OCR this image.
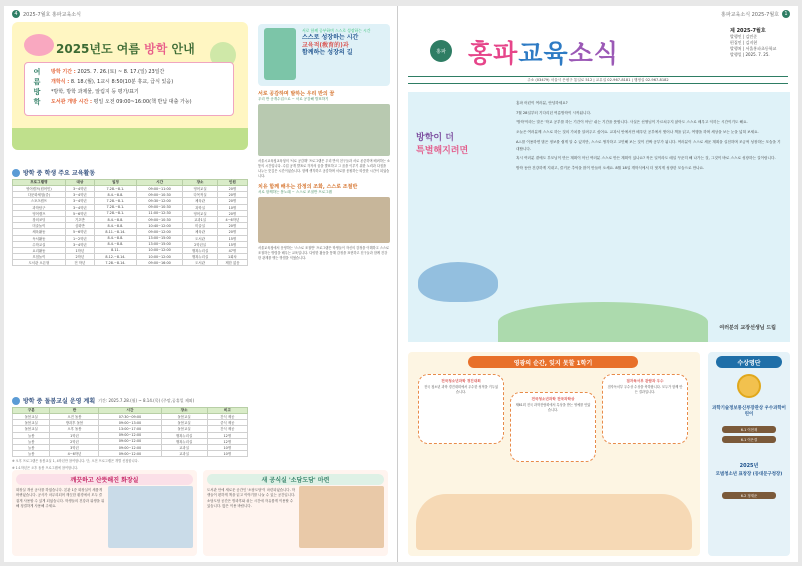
4	2025-7월호 홍파교육소식
2025년도 여름 방학 안내
여
름
방
학
방학 기간 : 2025. 7. 26.(토) ~ 8. 17.(일) 23일간
개학식 : 8. 18.(월), 1교시 8:50(10분 휴교, 급식 있음)
*방학, 방학 과제물, 알림지 등 평가/표기
도서관 개방 시간 : 평일 오전 09:00~16:00(책 반납 대출 가능)
방학 중 학생 주요 교육활동
프로그램명	대상	일정	시간	장소	인원
영어캠프(원어민)	3~4학년	7.28.~8.1.	09:00~11:00	영어교실	20명
다문화체험(중)	3~4학년	8.4.~8.8.	09:00~10:30	다목적실	20명
스포츠캠프	3~4학년	7.28.~8.1.	09:30~12:00	체육관	20명
과학탐구	3~4학년	7.28.~8.1.	09:00~10:30	과학실	10명
영어캠프	5~6학년	7.28.~8.1.	11:00~12:30	영어교실	20명
창의코딩	기초반	8.4.~8.8.	09:00~10:30	교과1실	4~6학년
미술놀이	심화반	8.4.~8.8.	10:40~12:00	미술실	20명
체육활동	5~6학년	8.11.~8.14.	09:00~12:00	체육관	20명
독서활동	1~2학년	8.4.~8.8.	13:00~15:00	도서관	15명
수학교실	3~4학년	8.4.~8.8.	13:00~15:00	2학년실	15명
요리활동	1학년	8.11.	10:00~12:00	행복누리실	47명
모험놀이	2학년	8.12.~8.14.	10:00~12:00	행복누리실	1회차
도서관 오픈형	전 학년	7.28.~8.14.	09:00~16:00	도서관	제한 없음
방학 중 돌봄교실 운영 계획 기간: 2025.7.28.(월) ~ 8.14.(목) (주말,공휴일 제외)
구분	반	시간	장소	비고
돌봄교실	오전 돌봄	07:30~09:00	돌봄교실	간식 제공
돌봄교실	방과후 돌봄	09:00~13:00	돌봄교실	중식 제공
돌봄교실	오후 돌봄	13:00~17:00	돌봄교실	간식 제공
늘봄	1학년	09:00~12:00	행복누리실	12명
늘봄	2학년	09:00~12:00	행복누리실	12명
늘봄	3학년	09:00~12:00	교과실	10명
늘봄	4~6학년	09:00~12:00	교과실	10명
※ 오후 프로그램은 돌봄교실 1, 4학년만 참여합니다. 단, 오전 프로그램은 개별 신청합니다.
※ 1:1학년은 오후 돌봄 프로그램에 참여합니다.
깨끗하고 산뜻해진 화장실
화장실 개선 공사를 하였습니다. 본관 1층 화장실이 새롭게 바뀌었습니다. 공사가 마무리되어 깨끗한 환경에서 모두 즐겁게 사용할 수 있게 되었습니다. 학생들의 건강과 위생을 위해 청결하게 사용해 주세요.
새 공식실 '소담도담' 마련
도서관 안에 새로운 공간인 '소담도담'이 마련되었습니다. 학생들이 편하게 책을 읽고 이야기를 나눌 수 있는 공간입니다. 소담도담 공간은 방과후와 쉬는 시간에 자유롭게 이용할 수 있습니다. 많은 이용 바랍니다.
서로 함께 공부하며 스스로 성장하는 시간
스스로 성장하는 시간
교육적(敎育的)과
함께하는 성장의 길
서로 공감하며 발하는 우리 반의 꿈
우리 반 공개수업으로 ~ 서로 공감해 발표하기
서울시교육청교육청의 '서로 공감해' 프로그램은 우리 반의 친구들과 서로 존중하며 배려하는 소통의 시간입니다. 수업 공개 발표로 각자의 꿈을 발표하고 그 꿈을 이루기 위한 노력과 다짐을 나누는 뜻깊은 시간이었습니다. 함께 생각하고 공감하며 서로를 응원하는 따뜻한 시간이 되었습니다.
치유 함께 배우는 감정의 조화, 스스로 조절반
서로 함께하는 봄노래 ~ 스스로 조절반 프로그램
서울교육청에서 운영하는 '스스로 조절반' 프로그램은 학생들이 자신의 감정을 이해하고 스스로 조절하는 방법을 배우는 교육입니다. 다양한 활동을 통해 감정을 표현하고 친구들과 함께 건강한 관계를 맺는 방법을 익혔습니다.
홍파교육소식 2025-7월호	1
홍파 홍파교육소식
제 2025-7월호
발행인 | 김민준
편집인 | 김지현
발행처 | 서울홍파초등학교
발행일 | 2025. 7. 25.
주소 (03479) 서울시 은평구 통일로 512 | 교무실 02-967-8181 | 행정실 02-967-8182
방학이 더
특별해지려면

홍파 어린이 여러분, 안녕하세요?

7월 28일부터 기다리던 여름방학이 시작됩니다.

'방학'이라는 말은 '학교 공부를 하는 기간이 아닌' 쉬는 기간을 뜻합니다. 사실은 선생님이 가르쳐주지 않아도 스스로 배우고 익히는 시간이기도 해요.

오늘은 여러분께 스스로 하는 것의 가치를 알려주고 싶어요. 교과서 안에서만 배우던 공부에서 벗어나 책을 읽고, 여행을 하며 세상을 보는 눈을 넓혀 보세요.

A.I.를 이용하면 많은 정보를 쉽게 알 수 있지만, 스스로 생각하고 고민해 보는 것이 진짜 공부가 됩니다. 여러분이 스스로 세운 계획을 실천하며 조금씩 성장하는 모습을 기대합니다.

혹시 여러분 곁에도 부모님이 만든 계획이 아닌 여러분 스스로 만든 계획이 있나요? 작은 일이라도 매일 꾸준히 해 나가는 것, 그것이 바로 스스로 성장하는 길이랍니다.

방학 동안 건강하게 지내고, 즐거운 추억을 많이 만들어 오세요. 8월 18일 개학식에서 더 멋지게 성장한 모습으로 만나요.

여러분의 교장선생님 드림
영광의 순간, 잊지 못할 1학기
전국청소년과학 경진대회
전국 청소년 과학 경진대회에서 우수한 성적을 거두었습니다.
전국청소년과학 전국과학상
제61회 전국 과학전람회에서 특상을 받는 영예를 안았습니다.
점자독서부 관람과 우수
점자독서부 우수상 수상을 축하합니다. 모두가 함께 만든 결과입니다.
수상명단
과학기술정보통신부장관상 우수과학어린이
6-1 이현재
6-1 이은결
2025년
모범청소년 표창장 (동대문구청장)
6-2 정재준
